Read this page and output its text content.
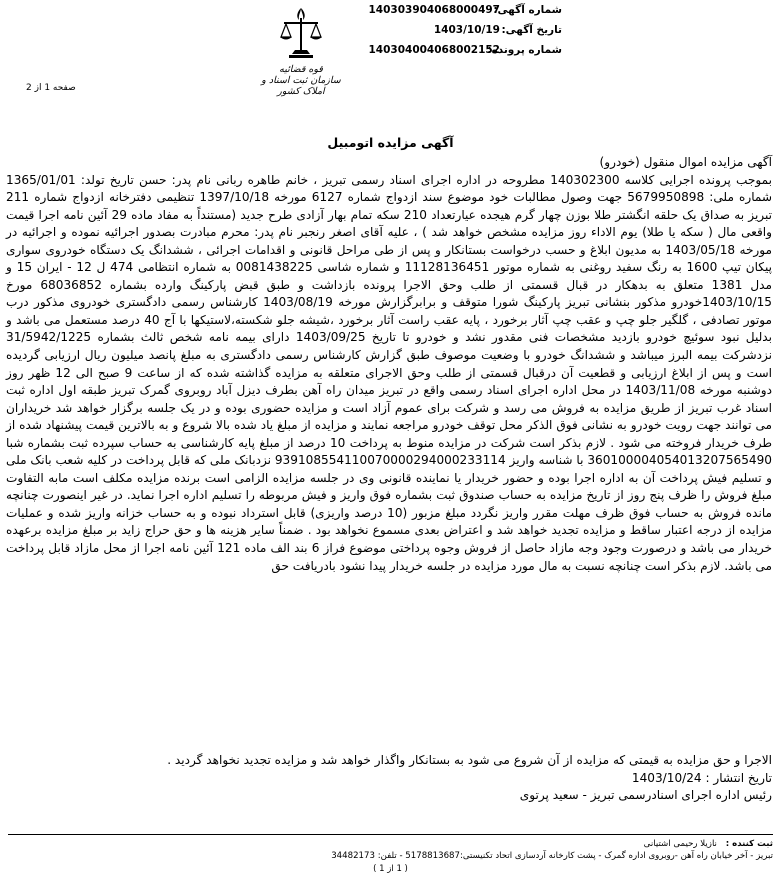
شماره آگهی:
140303904068000497
تاریخ آگهی:
1403/10/19
شماره پرونده:
140304004068002152
قوه قضائیه
سازمان ثبت اسناد و املاک کشور
صفحه 1 از 2
آگهی مزایده اتومبیل

آگهی مزایده اموال منقول (خودرو)

بموجب پرونده اجرایی کلاسه 140302300 مطروحه در اداره اجرای اسناد رسمی تبریز ، خانم طاهره ربانی نام پدر: حسن تاریخ تولد: 1365/01/01 شماره ملی: 5679950898 جهت وصول مطالبات خود موضوع سند ازدواج شماره 6127 مورخه 1397/10/18 تنظیمی دفترخانه ازدواج شماره 211 تبریز به صداق یک حلقه انگشتر طلا بوزن چهار گرم هیجده عیارتعداد 210 سکه تمام بهار آزادی طرح جدید (مستنداً به مفاد ماده 29 آئین نامه اجرا قیمت واقعی مال ( سکه یا طلا) یوم الاداء روز مزایده مشخص خواهد شد ) ، علیه آقای اصغر رنجبر نام پدر: محرم مبادرت بصدور اجرائیه نموده و اجرائیه در مورخه 1403/05/18 به مدیون ابلاغ و حسب درخواست بستانکار و پس از طی مراحل قانونی و اقدامات اجرائی ، ششدانگ یک دستگاه خودروی سواری پیکان تیپ 1600 به رنگ سفید روغنی به شماره موتور 11128136451 و شماره شاسی 0081438225 به شماره انتظامی 474 ل 12 - ایران 15 و مدل 1381 متعلق به بدهکار در قبال قسمتی از طلب وحق الاجرا پرونده بازداشت و طبق قبض پارکینگ وارده بشماره 68036852 مورخ 1403/10/15خودرو مذکور بنشانی تبریز پارکینگ شورا متوقف و برابرگزارش مورخه 1403/08/19 کارشناس رسمی دادگستری خودروی مذکور درب موتور تصادفی ، گلگیر جلو چپ و عقب چپ آثار برخورد ، پایه عقب راست آثار برخورد ،شیشه جلو شکسته،لاستیکها با آج 40 درصد مستعمل می باشد و بدلیل نبود سوئیچ خودرو بازدید مشخصات فنی مقدور نشد و خودرو تا تاریخ 1403/09/25 دارای بیمه نامه شخص ثالث بشماره 31/5942/1225 نزدشرکت بیمه البرز میباشد و ششدانگ خودرو با وضعیت موصوف طبق گزارش کارشناس رسمی دادگستری به مبلغ پانصد میلیون ریال ارزیابی گردیده است و پس از ابلاغ ارزیابی و قطعیت آن درقبال قسمتی از طلب وحق الاجرای متعلقه به مزایده گذاشته شده که از ساعت 9 صبح الی 12 ظهر روز دوشنبه مورخه 1403/11/08 در محل اداره اجرای اسناد رسمی واقع در تبریز میدان راه آهن بطرف دیزل آباد روبروی گمرک تبریز طبقه اول اداره ثبت اسناد غرب تبریز از طریق مزایده به فروش می رسد و شرکت برای عموم آزاد است و مزایده حضوری بوده و در یک جلسه برگزار خواهد شد خریداران می توانند جهت رویت خودرو به نشانی فوق الذکر محل توقف خودرو مراجعه نمایند و مزایده از مبلغ یاد شده بالا شروع و به بالاترین قیمت پیشنهاد شده از طرف خریدار فروخته می شود . لازم بذکر است شرکت در مزایده منوط به پرداخت 10 درصد از مبلغ پایه کارشناسی به حساب سپرده ثبت بشماره شبا 360100004054013207565490 با شناسه واریز 939108554110070000294000233114 نزدبانک ملی که قابل پرداخت در کلیه شعب بانک ملی و تسلیم فیش پرداخت آن به اداره اجرا بوده و حضور خریدار یا نماینده قانونی وی در جلسه مزایده الزامی است برنده مزایده مکلف است مابه التفاوت مبلغ فروش را ظرف پنج روز از تاریخ مزایده به حساب صندوق ثبت بشماره فوق واریز و فیش مربوطه را تسلیم اداره اجرا نماید. در غیر اینصورت چنانچه مانده فروش به حساب فوق ظرف مهلت مقرر واریز نگردد مبلغ مزبور (10 درصد واریزی) قابل استرداد نبوده و به حساب خزانه واریز شده و عملیات مزایده از درجه اعتبار ساقط و مزایده تجدید خواهد شد و اعتراض بعدی مسموع نخواهد بود . ضمناً سایر هزینه ها و حق حراج زاید بر مبلغ مزایده برعهده خریدار می باشد و درصورت وجود وجه مازاد حاصل از فروش وجوه پرداختی موضوع فراز 6 بند الف ماده 121 آئین نامه اجرا از محل مازاد قابل پرداخت می باشد. لازم بذکر است چنانچه نسبت به مال مورد مزایده در جلسه خریدار پیدا نشود بادریافت حق

الاجرا و حق مزایده به قیمتی که مزایده از آن شروع می شود به بستانکار واگذار خواهد شد و مزایده تجدید نخواهد گردید .

تاریخ انتشار : 1403/10/24

رئیس اداره اجرای اسنادرسمی تبریز - سعید پرتوی

ثبت کننده : نازیلا رحیمی اشتیانی
تبریز - آخر خیابان راه آهن -روبروی اداره گمرک - پشت کارخانه آردسازی اتحاد تکنیستی:5178813687 - تلفن: 34482173
( 1 از 1 )
